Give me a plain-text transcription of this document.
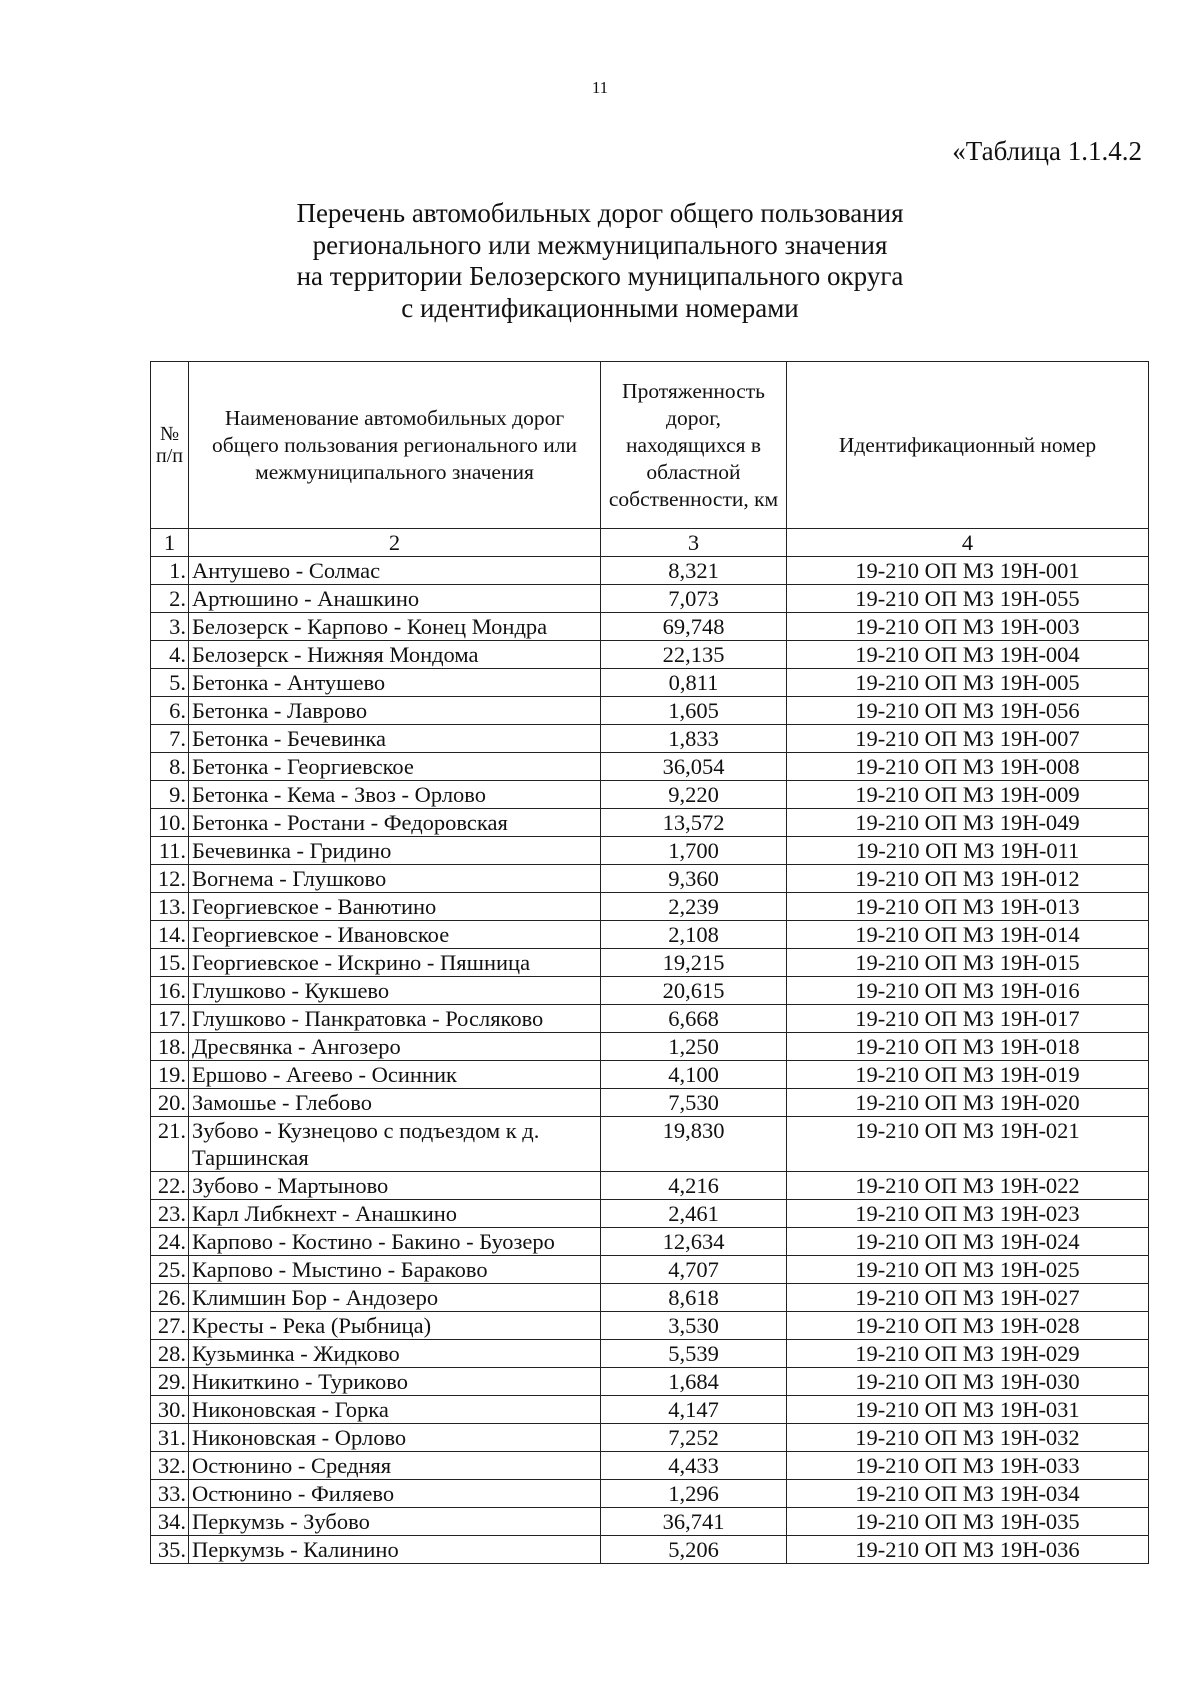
11
«Таблица 1.1.4.2
Перечень автомобильных дорог общего пользования
регионального или межмуниципального значения
на территории Белозерского муниципального округа
с идентификационными номерами
№
п/п	Наименование автомобильных дорог общего пользования регионального или межмуниципального значения	Протяженность дорог, находящихся в областной собственности, км	Идентификационный номер
1	2	3	4
1.	Антушево - Солмас	8,321	19-210 ОП МЗ 19Н-001
2.	Артюшино - Анашкино	7,073	19-210 ОП МЗ 19Н-055
3.	Белозерск - Карпово - Конец Мондра	69,748	19-210 ОП МЗ 19Н-003
4.	Белозерск - Нижняя Мондома	22,135	19-210 ОП МЗ 19Н-004
5.	Бетонка - Антушево	0,811	19-210 ОП МЗ 19Н-005
6.	Бетонка - Лаврово	1,605	19-210 ОП МЗ 19Н-056
7.	Бетонка - Бечевинка	1,833	19-210 ОП МЗ 19Н-007
8.	Бетонка - Георгиевское	36,054	19-210 ОП МЗ 19Н-008
9.	Бетонка - Кема - Звоз - Орлово	9,220	19-210 ОП МЗ 19Н-009
10.	Бетонка - Ростани - Федоровская	13,572	19-210 ОП МЗ 19Н-049
11.	Бечевинка - Гридино	1,700	19-210 ОП МЗ 19Н-011
12.	Вогнема - Глушково	9,360	19-210 ОП МЗ 19Н-012
13.	Георгиевское - Ванютино	2,239	19-210 ОП МЗ 19Н-013
14.	Георгиевское - Ивановское	2,108	19-210 ОП МЗ 19Н-014
15.	Георгиевское - Искрино - Пяшница	19,215	19-210 ОП МЗ 19Н-015
16.	Глушково - Кукшево	20,615	19-210 ОП МЗ 19Н-016
17.	Глушково - Панкратовка - Росляково	6,668	19-210 ОП МЗ 19Н-017
18.	Дресвянка - Ангозеро	1,250	19-210 ОП МЗ 19Н-018
19.	Ершово - Агеево - Осинник	4,100	19-210 ОП МЗ 19Н-019
20.	Замошье - Глебово	7,530	19-210 ОП МЗ 19Н-020
21.	Зубово - Кузнецово с подъездом к д. Таршинская	19,830	19-210 ОП МЗ 19Н-021
22.	Зубово - Мартыново	4,216	19-210 ОП МЗ 19Н-022
23.	Карл Либкнехт - Анашкино	2,461	19-210 ОП МЗ 19Н-023
24.	Карпово - Костино - Бакино - Буозеро	12,634	19-210 ОП МЗ 19Н-024
25.	Карпово - Мыстино - Бараково	4,707	19-210 ОП МЗ 19Н-025
26.	Климшин Бор - Андозеро	8,618	19-210 ОП МЗ 19Н-027
27.	Кресты - Река (Рыбница)	3,530	19-210 ОП МЗ 19Н-028
28.	Кузьминка - Жидково	5,539	19-210 ОП МЗ 19Н-029
29.	Никиткино - Туриково	1,684	19-210 ОП МЗ 19Н-030
30.	Никоновская - Горка	4,147	19-210 ОП МЗ 19Н-031
31.	Никоновская - Орлово	7,252	19-210 ОП МЗ 19Н-032
32.	Остюнино - Средняя	4,433	19-210 ОП МЗ 19Н-033
33.	Остюнино - Филяево	1,296	19-210 ОП МЗ 19Н-034
34.	Перкумзь - Зубово	36,741	19-210 ОП МЗ 19Н-035
35.	Перкумзь - Калинино	5,206	19-210 ОП МЗ 19Н-036
